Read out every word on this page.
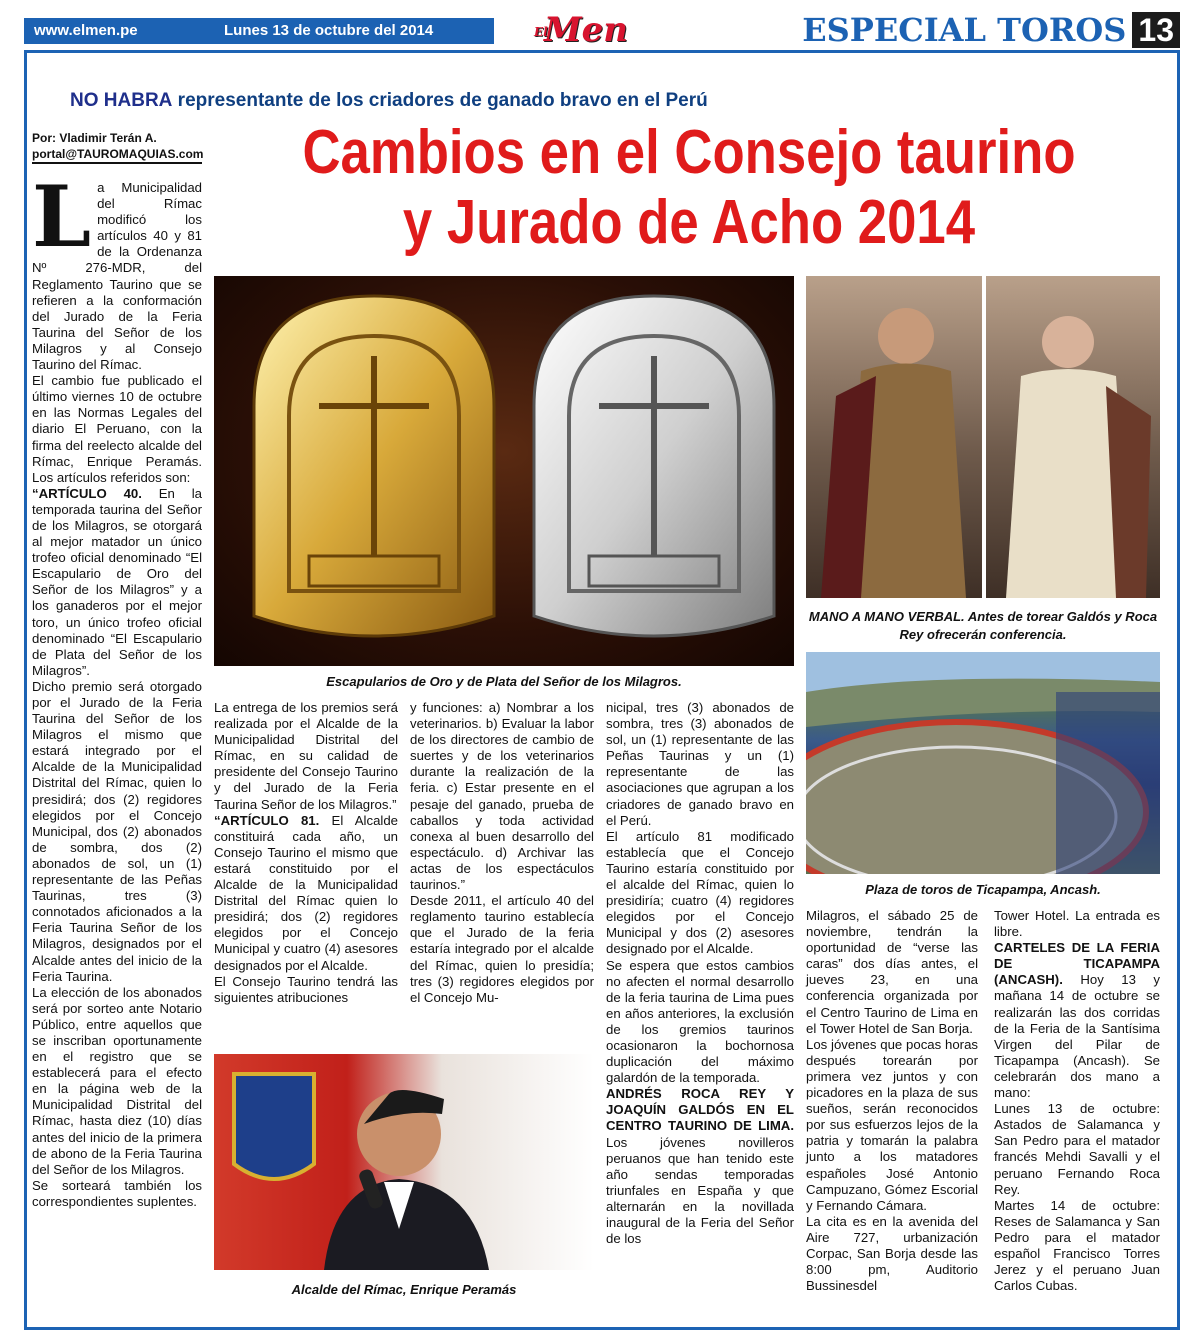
www.elmen.pe	Lunes 13 de octubre del 2014	El
Men	ESPECIAL TOROS 13
NO HABRA representante de los criadores de ganado bravo en el Perú
Por: Vladimir Terán A.
portal@TAUROMAQUIAS.com Cambios en el Consejo taurino
y Jurado de Acho 2014
Escapularios de Oro y de Plata del Señor de los Milagros.
MANO A MANO VERBAL. Antes de torear Galdós y Roca Rey ofrecerán conferencia.
Plaza de toros de Ticapampa, Ancash.
Alcalde del Rímac, Enrique Peramás
L a Municipalidad del Rímac modificó los artículos 40 y 81 de la Ordenanza Nº 276-MDR, del Reglamento Taurino que se refieren a la conformación del Jurado de la Feria Taurina del Señor de los Milagros y al Consejo Taurino del Rímac.

El cambio fue publicado el último viernes 10 de octubre en las Normas Legales del diario El Peruano, con la firma del reelecto alcalde del Rímac, Enrique Peramás. Los artículos referidos son:

“ARTÍCULO 40. En la temporada taurina del Señor de los Milagros, se otorgará al mejor matador un único trofeo oficial denominado “El Escapulario de Oro del Señor de los Milagros” y a los ganaderos por el mejor toro, un único trofeo oficial denominado “El Escapulario de Plata del Señor de los Milagros”.

Dicho premio será otorgado por el Jurado de la Feria Taurina del Señor de los Milagros el mismo que estará integrado por el Alcalde de la Municipalidad Distrital del Rímac, quien lo presidirá; dos (2) regidores elegidos por el Concejo Municipal, dos (2) abonados de sombra, dos (2) abonados de sol, un (1) representante de las Peñas Taurinas, tres (3) connotados aficionados a la Feria Taurina Señor de los Milagros, designados por el Alcalde antes del inicio de la Feria Taurina.

La elección de los abonados será por sorteo ante Notario Público, entre aquellos que se inscriban oportunamente en el registro que se establecerá para el efecto en la página web de la Municipalidad Distrital del Rímac, hasta diez (10) días antes del inicio de la primera de abono de la Feria Taurina del Señor de los Milagros.

Se sorteará también los correspondientes suplentes.

La entrega de los premios será realizada por el Alcalde de la Municipalidad Distrital del Rímac, en su calidad de presidente del Consejo Taurino y del Jurado de la Feria Taurina Señor de los Milagros.”

“ARTÍCULO 81. El Alcalde constituirá cada año, un Consejo Taurino el mismo que estará constituido por el Alcalde de la Municipalidad Distrital del Rímac quien lo presidirá; dos (2) regidores elegidos por el Concejo Municipal y cuatro (4) asesores designados por el Alcalde.

El Consejo Taurino tendrá las siguientes atribuciones

y funciones: a) Nombrar a los veterinarios. b) Evaluar la labor de los directores de cambio de suertes y de los veterinarios durante la realización de la feria. c) Estar presente en el pesaje del ganado, prueba de caballos y toda actividad conexa al buen desarrollo del espectáculo. d) Archivar las actas de los espectáculos taurinos.”

Desde 2011, el artículo 40 del reglamento taurino establecía que el Jurado de la feria estaría integrado por el alcalde del Rímac, quien lo presidía; tres (3) regidores elegidos por el Concejo Mu-

nicipal, tres (3) abonados de sombra, tres (3) abonados de sol, un (1) representante de las Peñas Taurinas y un (1) representante de las asociaciones que agrupan a los criadores de ganado bravo en el Perú.

El artículo 81 modificado establecía que el Concejo Taurino estaría constituido por el alcalde del Rímac, quien lo presidiría; cuatro (4) regidores elegidos por el Concejo Municipal y dos (2) asesores designado por el Alcalde.

Se espera que estos cambios no afecten el normal desarrollo de la feria taurina de Lima pues en años anteriores, la exclusión de los gremios taurinos ocasionaron la bochornosa duplicación del máximo galardón de la temporada.

ANDRÉS ROCA REY Y JOAQUÍN GALDÓS EN EL CENTRO TAURINO DE LIMA. Los jóvenes novilleros peruanos que han tenido este año sendas temporadas triunfales en España y que alternarán en la novillada inaugural de la Feria del Señor de los

Milagros, el sábado 25 de noviembre, tendrán la oportunidad de “verse las caras” dos días antes, el jueves 23, en una conferencia organizada por el Centro Taurino de Lima en el Tower Hotel de San Borja.

Los jóvenes que pocas horas después torearán por primera vez juntos y con picadores en la plaza de sus sueños, serán reconocidos por sus esfuerzos lejos de la patria y tomarán la palabra junto a los matadores españoles José Antonio Campuzano, Gómez Escorial y Fernando Cámara.

La cita es en la avenida del Aire 727, urbanización Corpac, San Borja desde las 8:00 pm, Auditorio Bussinesdel

Tower Hotel. La entrada es libre.

CARTELES DE LA FERIA DE TICAPAMPA (ANCASH). Hoy 13 y mañana 14 de octubre se realizarán las dos corridas de la Feria de la Santísima Virgen del Pilar de Ticapampa (Ancash). Se celebrarán dos mano a mano:

Lunes 13 de octubre: Astados de Salamanca y San Pedro para el matador francés Mehdi Savalli y el peruano Fernando Roca Rey.

Martes 14 de octubre: Reses de Salamanca y San Pedro para el matador español Francisco Torres Jerez y el peruano Juan Carlos Cubas.
